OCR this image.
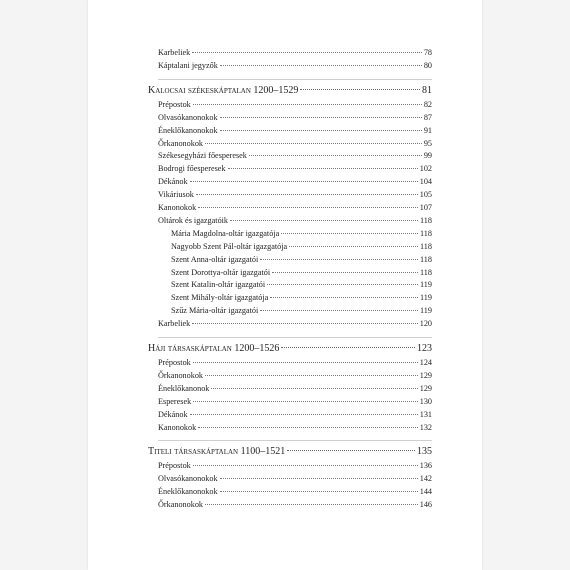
Karbeliek	78
Káptalani jegyzők	80
Kalocsai székeskáptalan 1200–1529	81
Prépostok	82
Olvasókanonokok	87
Éneklőkanonokok	91
Őrkanonokok	95
Székesegyházi főesperesek	99
Bodrogi főesperesek	102
Dékánok	104
Vikáriusok	105
Kanonokok	107
Oltárok és igazgatóik	118
Mária Magdolna-oltár igazgatója	118
Nagyobb Szent Pál-oltár igazgatója	118
Szent Anna-oltár igazgatói	118
Szent Dorottya-oltár igazgatói	118
Szent Katalin-oltár igazgatói	119
Szent Mihály-oltár igazgatója	119
Szűz Mária-oltár igazgatói	119
Karbeliek	120
Háji társaskáptalan 1200–1526	123
Prépostok	124
Őrkanonokok	129
Éneklőkanonok	129
Esperesek	130
Dékánok	131
Kanonokok	132
Titeli társaskáptalan 1100–1521	135
Prépostok	136
Olvasókanonokok	142
Éneklőkanonokok	144
Őrkanonokok	146
